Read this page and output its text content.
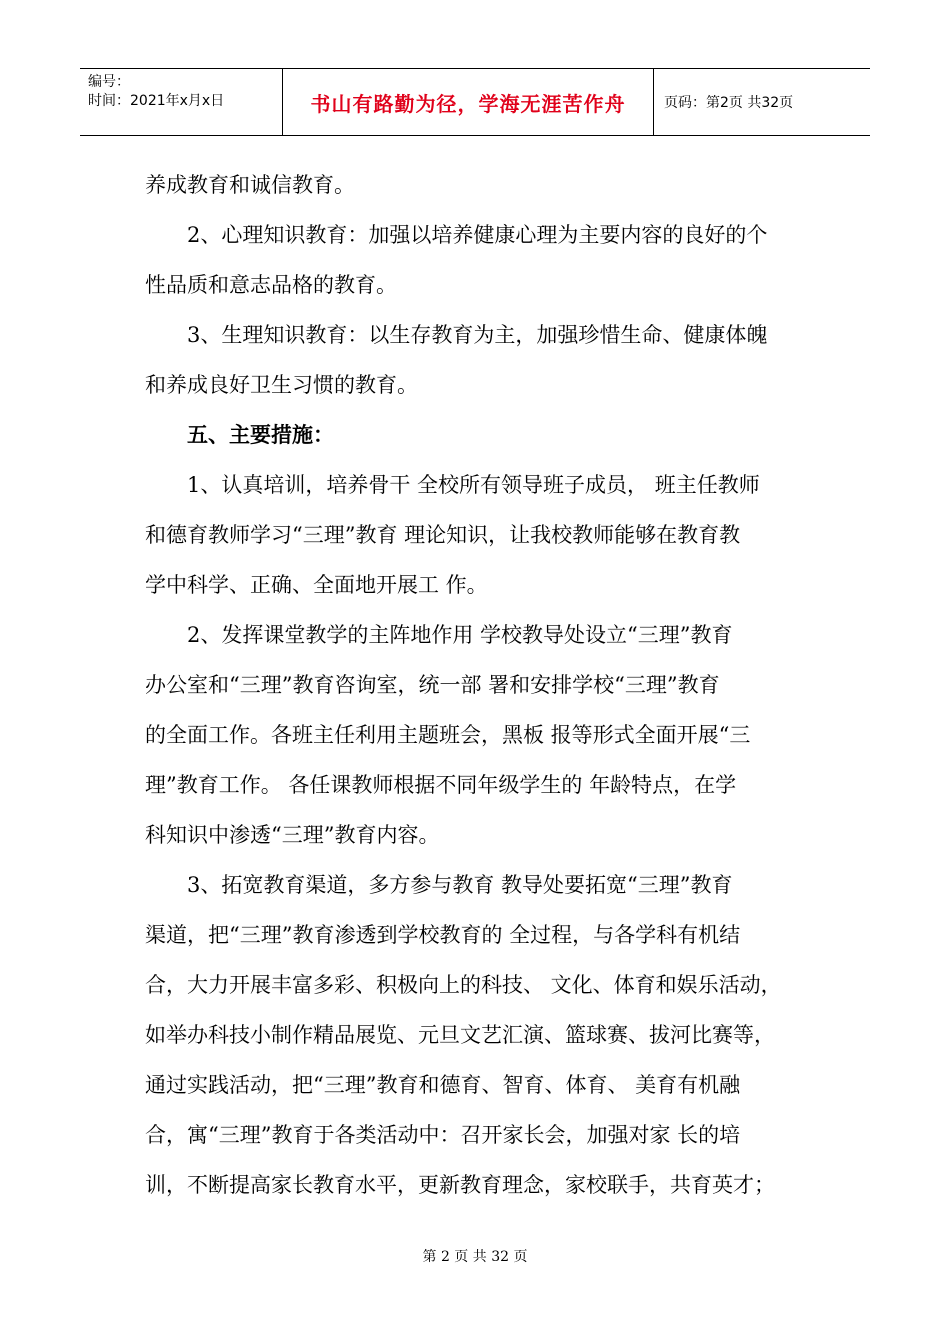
编号：
时间：2021年x月x日	书山有路勤为径，学海无涯苦作舟	页码：第2页 共32页

养成教育和诚信教育。

2、心理知识教育：加强以培养健康心理为主要内容的良好的个

性品质和意志品格的教育。

3、生理知识教育：以生存教育为主，加强珍惜生命、健康体魄

和养成良好卫生习惯的教育。

五、主要措施：

1、认真培训，培养骨干 全校所有领导班子成员， 班主任教师

和德育教师学习“三理”教育 理论知识，让我校教师能够在教育教

学中科学、正确、全面地开展工 作。

2、发挥课堂教学的主阵地作用 学校教导处设立“三理”教育

办公室和“三理”教育咨询室，统一部 署和安排学校“三理”教育

的全面工作。各班主任利用主题班会，黑板 报等形式全面开展“三

理”教育工作。 各任课教师根据不同年级学生的 年龄特点，在学

科知识中渗透“三理”教育内容。

3、拓宽教育渠道，多方参与教育 教导处要拓宽“三理”教育

渠道，把“三理”教育渗透到学校教育的 全过程，与各学科有机结

合，大力开展丰富多彩、积极向上的科技、 文化、体育和娱乐活动，

如举办科技小制作精品展览、元旦文艺汇演、篮球赛、拔河比赛等，

通过实践活动，把“三理”教育和德育、智育、体育、 美育有机融

合，寓“三理”教育于各类活动中：召开家长会，加强对家 长的培

训，不断提高家长教育水平，更新教育理念，家校联手，共育英才；

第 2 页 共 32 页
